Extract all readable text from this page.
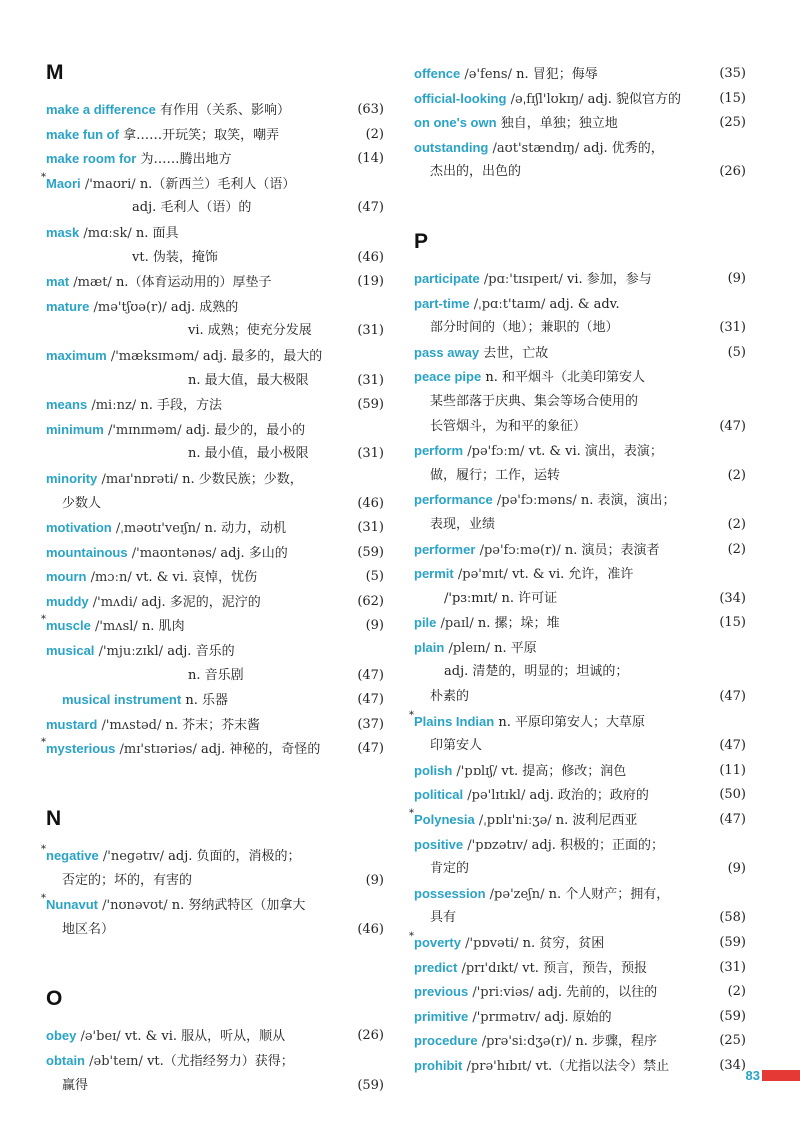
M
make a difference 有作用（关系、影响）	(63)
make fun of 拿……开玩笑；取笑，嘲弄	(2)
make room for 为……腾出地方	(14)
* Maori /'maʊri/ n.（新西兰）毛利人（语）
adj. 毛利人（语）的	(47)
mask /mɑːsk/ n. 面具
vt. 伪装，掩饰	(46)
mat /mæt/ n.（体育运动用的）厚垫子	(19)
mature /mə'tʃʊə(r)/ adj. 成熟的
vi. 成熟；使充分发展	(31)
maximum /'mæksɪməm/ adj. 最多的，最大的
n. 最大值，最大极限	(31)
means /miːnz/ n. 手段，方法	(59)
minimum /'mɪnɪməm/ adj. 最少的，最小的
n. 最小值，最小极限	(31)
minority /maɪ'nɒrəti/ n. 少数民族；少数，
少数人	(46)
motivation /ˌməʊtɪ'veɪʃn/ n. 动力，动机	(31)
mountainous /'maʊntənəs/ adj. 多山的	(59)
mourn /mɔːn/ vt. & vi. 哀悼，忧伤	(5)
muddy /'mʌdi/ adj. 多泥的，泥泞的	(62)
* muscle /'mʌsl/ n. 肌肉	(9)
musical /'mjuːzɪkl/ adj. 音乐的
n. 音乐剧	(47)
musical instrument n. 乐器	(47)
mustard /'mʌstəd/ n. 芥末；芥末酱	(37)
* mysterious /mɪ'stɪəriəs/ adj. 神秘的，奇怪的	(47)
N
* negative /'negətɪv/ adj. 负面的，消极的；
否定的；坏的，有害的	(9)
* Nunavut /'nʊnəvʊt/ n. 努纳武特区（加拿大
地区名）	(46)
O
obey /ə'beɪ/ vt. & vi. 服从，听从，顺从	(26)
obtain /əb'teɪn/ vt.（尤指经努力）获得；
赢得	(59)
offence /ə'fens/ n. 冒犯；侮辱	(35)
official-looking /əˌfɪʃl'lʊkɪŋ/ adj. 貌似官方的	(15)
on one's own 独自，单独；独立地	(25)
outstanding /aʊt'stændɪŋ/ adj. 优秀的，
杰出的，出色的	(26)
P
participate /pɑː'tɪsɪpeɪt/ vi. 参加，参与	(9)
part-time /ˌpɑːt'taɪm/ adj. & adv.
部分时间的（地）；兼职的（地）	(31)
pass away 去世，亡故	(5)
peace pipe n. 和平烟斗（北美印第安人
某些部落于庆典、集会等场合使用的
长管烟斗，为和平的象征）	(47)
perform /pə'fɔːm/ vt. & vi. 演出，表演；
做，履行；工作，运转	(2)
performance /pə'fɔːməns/ n. 表演，演出；
表现，业绩	(2)
performer /pə'fɔːmə(r)/ n. 演员；表演者	(2)
permit /pə'mɪt/ vt. & vi. 允许，准许
/'pɜːmɪt/ n. 许可证	(34)
pile /paɪl/ n. 摞；垛；堆	(15)
plain /pleɪn/ n. 平原
adj. 清楚的，明显的；坦诚的；
朴素的	(47)
* Plains Indian n. 平原印第安人；大草原
印第安人	(47)
polish /'pɒlɪʃ/ vt. 提高；修改；润色	(11)
political /pə'lɪtɪkl/ adj. 政治的；政府的	(50)
* Polynesia /ˌpɒlɪ'niːʒə/ n. 波利尼西亚	(47)
positive /'pɒzətɪv/ adj. 积极的；正面的；
肯定的	(9)
possession /pə'zeʃn/ n. 个人财产；拥有，
具有	(58)
* poverty /'pɒvəti/ n. 贫穷，贫困	(59)
predict /prɪ'dɪkt/ vt. 预言，预告，预报	(31)
previous /'priːviəs/ adj. 先前的，以往的	(2)
primitive /'prɪmətɪv/ adj. 原始的	(59)
procedure /prə'siːdʒə(r)/ n. 步骤，程序	(25)
prohibit /prə'hɪbɪt/ vt.（尤指以法令）禁止	(34)
83
